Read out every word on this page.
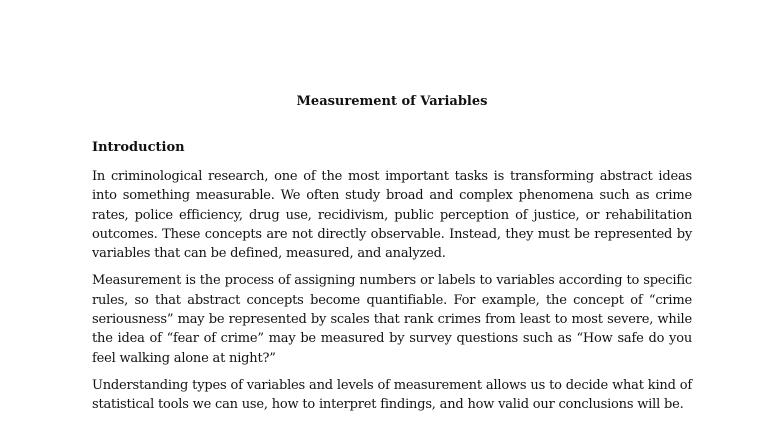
Measurement of Variables
Introduction

In criminological research, one of the most important tasks is transforming abstract ideas into something measurable. We often study broad and complex phenomena such as crime rates, police efficiency, drug use, recidivism, public perception of justice, or rehabilitation outcomes. These concepts are not directly observable. Instead, they must be represented by variables that can be defined, measured, and analyzed.

Measurement is the process of assigning numbers or labels to variables according to specific rules, so that abstract concepts become quantifiable. For example, the concept of “crime seriousness” may be represented by scales that rank crimes from least to most severe, while the idea of “fear of crime” may be measured by survey questions such as “How safe do you feel walking alone at night?”

Understanding types of variables and levels of measurement allows us to decide what kind of statistical tools we can use, how to interpret findings, and how valid our conclusions will be.
